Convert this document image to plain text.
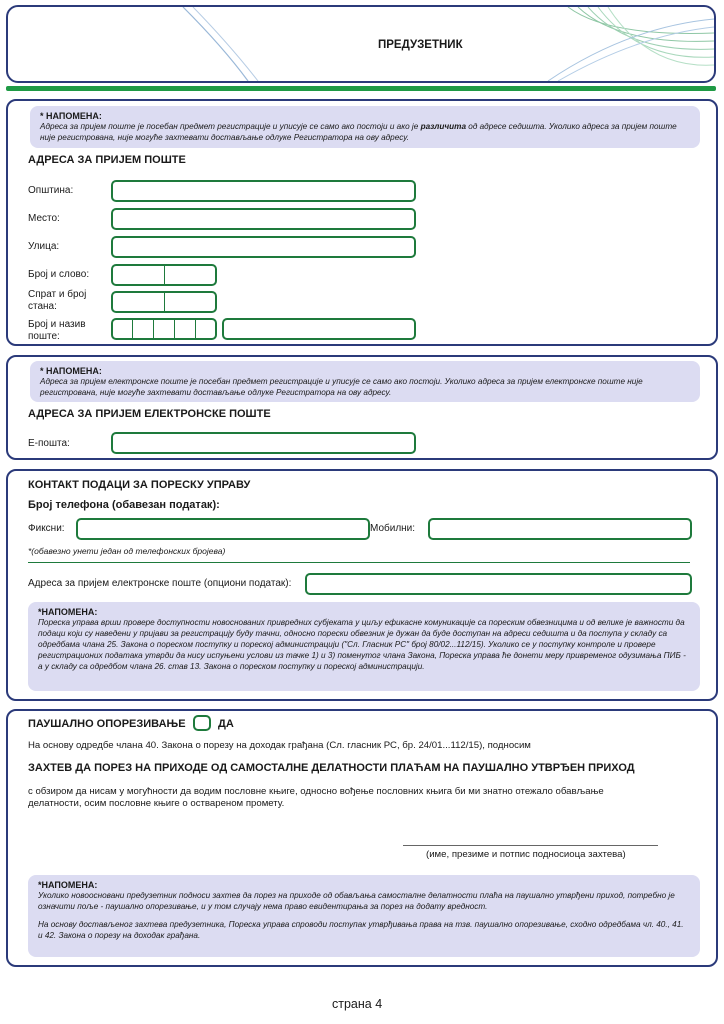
ПРЕДУЗЕТНИК
* НАПОМЕНА:
Адреса за пријем поште је посебан предмет регистрације и уписује се само ако постоји и ако је различита од адресе седишта. Уколико адреса за пријем поште није регистрована, није могуће захтевати достављање одлуке Регистратора на ову адресу.
АДРЕСА ЗА ПРИЈЕМ ПОШТЕ
Општина:
Место:
Улица:
Број и слово:
Спрат и број стана:
Број и назив поште:
* НАПОМЕНА:
Адреса за пријем електронске поште је посебан предмет регистрације и уписује се само ако постоји. Уколико адреса за пријем електронске поште није регистрована, није могуће захтевати достављање одлуке Регистратора на ову адресу.
АДРЕСА ЗА ПРИЈЕМ ЕЛЕКТРОНСКЕ ПОШТЕ
Е-пошта:
КОНТАКТ ПОДАЦИ ЗА ПОРЕСКУ УПРАВУ
Број телефона (обавезан податак):
Фиксни:	Мобилни:
*(обавезно унети један од телефонских бројева)
Адреса за пријем електронске поште (опциони податак):
*НАПОМЕНА:
Пореска управа врши провере доступности новоснованих привредних субјеката у циљу ефикасне комуникације са пореским обвезницима и од велике је важности да подаци који су наведени у пријави за регистрацију буду тачни, односно порески обвезник је дужан да буде доступан на адреси седишта и да поступа у складу са одредбама члана 25. Закона о пореском поступку и пореској администрацији ("Сл. Гласник РС" број 80/02...112/15). Уколико се у поступку контроле и провере регистрационих података утврди да нису испуњени услови из тачке 1) и 3) поменутог члана Закона, Пореска управа ће донети меру привременог одузимања ПИБ - а у складу са одредбом члана 26. став 13. Закона о пореском поступку и пореској администрацији.
ПАУШАЛНО ОПОРЕЗИВАЊЕ	ДА
На основу одредбе члана 40. Закона о порезу на доходак грађана (Сл. гласник РС, бр. 24/01...112/15), подносим
ЗАХТЕВ ДА ПОРЕЗ НА ПРИХОДЕ ОД САМОСТАЛНЕ ДЕЛАТНОСТИ ПЛАЋАМ НА ПАУШАЛНО УТВРЂЕН ПРИХОД
с обзиром да нисам у могућности да водим пословне књиге, односно вођење пословних књига би ми знатно отежало обављање делатности, осим пословне књиге о оствареном промету.
(име, презиме и потпис подносиоца захтева)
*НАПОМЕНА:
Уколико новоосновани предузетник подноси захтев да порез на приходе од обављања самосталне делатности плаћа на паушално утврђени приход, потребно је означити поље - паушално опорезивање, и у том случају нема право евидентирања за порез на додату вредност.
На основу достављеног захтева предузетника, Пореска управа спроводи поступак утврђивања права на тзв. паушално опорезивање, сходно одредбама чл. 40., 41. и 42. Закона о порезу на доходак грађана.
страна 4
